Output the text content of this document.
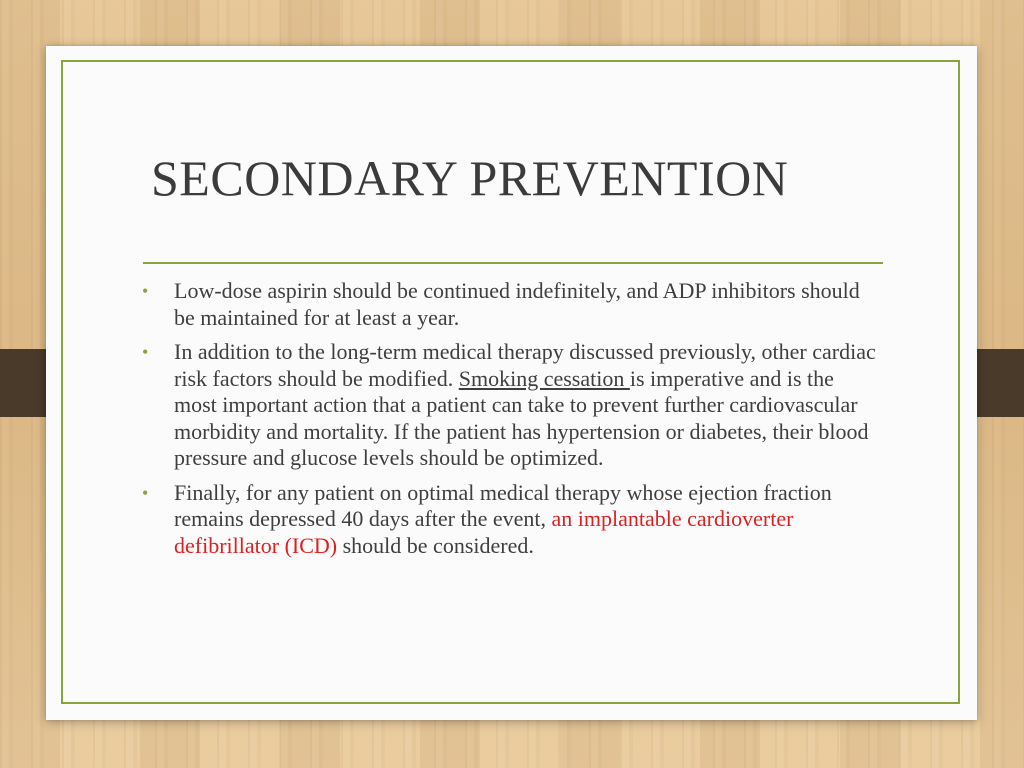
SECONDARY PREVENTION
• Low-dose aspirin should be continued indefinitely, and ADP inhibitors should be maintained for at least a year.
• In addition to the long-term medical therapy discussed previously, other cardiac risk factors should be modified. Smoking cessation is imperative and is the most important action that a patient can take to prevent further cardiovascular morbidity and mortality. If the patient has hypertension or diabetes, their blood pressure and glucose levels should be optimized.
• Finally, for any patient on optimal medical therapy whose ejection fraction remains depressed 40 days after the event, an implantable cardioverter defibrillator (ICD) should be considered.
